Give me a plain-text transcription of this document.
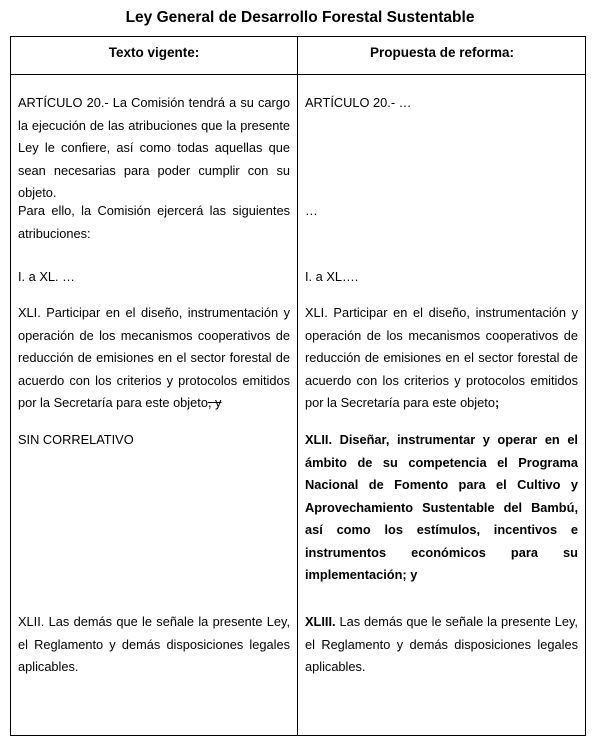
Ley General de Desarrollo Forestal Sustentable
Texto vigente:	Propuesta de reforma:
ARTÍCULO 20.- La Comisión tendrá a su cargo la ejecución de las atribuciones que la presente Ley le confiere, así como todas aquellas que sean necesarias para poder cumplir con su objeto.
Para ello, la Comisión ejercerá las siguientes atribuciones:
I. a XL. …
XLI. Participar en el diseño, instrumentación y operación de los mecanismos cooperativos de reducción de emisiones en el sector forestal de acuerdo con los criterios y protocolos emitidos por la Secretaría para este objeto, y
SIN CORRELATIVO
XLII. Las demás que le señale la presente Ley, el Reglamento y demás disposiciones legales aplicables.
ARTÍCULO 20.- …
…
I. a XL….
XLI. Participar en el diseño, instrumentación y operación de los mecanismos cooperativos de reducción de emisiones en el sector forestal de acuerdo con los criterios y protocolos emitidos por la Secretaría para este objeto;
XLII. Diseñar, instrumentar y operar en el ámbito de su competencia el Programa Nacional de Fomento para el Cultivo y Aprovechamiento Sustentable del Bambú, así como los estímulos, incentivos e instrumentos económicos para su implementación; y
XLIII. Las demás que le señale la presente Ley, el Reglamento y demás disposiciones legales aplicables.
